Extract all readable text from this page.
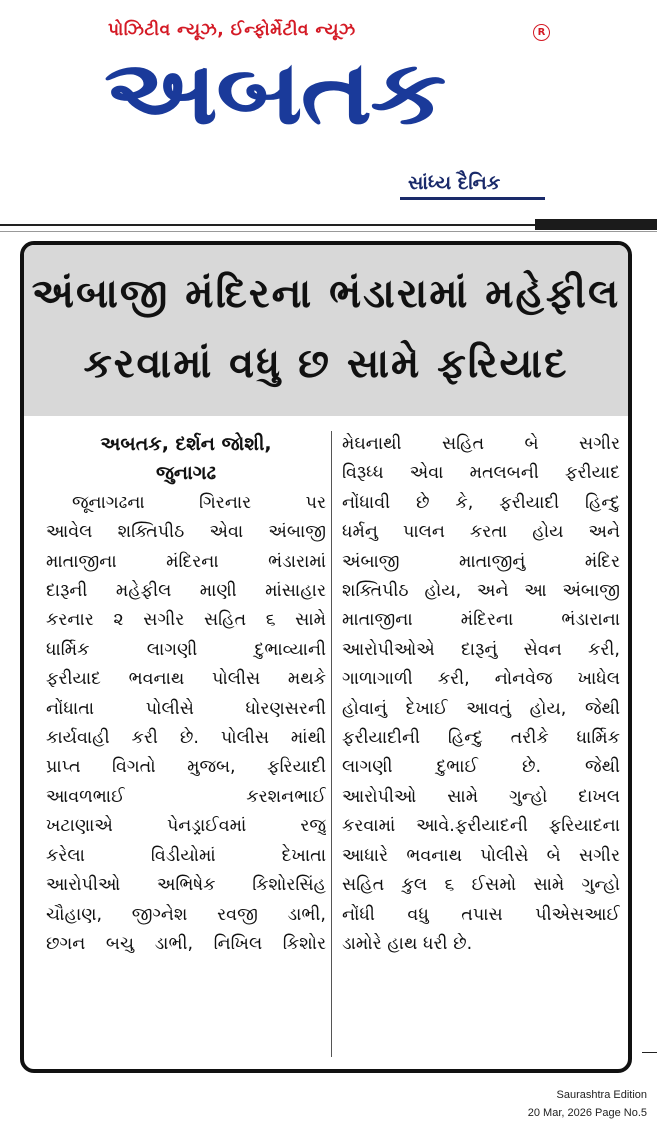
પોઝિટીવ ન્યૂઝ, ઈન્ફોર્મેટીવ ન્યૂઝ	R
અબતક
સાંધ્ય દૈનિક
અંબાજી મંદિરના ભંડારામાં મહેફીલ
કરવામાં વધુ છ સામે ફરિયાદ
અબતક, દર્શન જોશી,
જુનાગઢ
જૂનાગઢના ગિરનાર પર
આવેલ શક્તિપીઠ એવા અંબાજી
માતાજીના મંદિરના ભંડારામાં
દારૂની મહેફીલ માણી માંસાહાર
કરનાર ૨ સગીર સહિત ૬ સામે
ધાર્મિક લાગણી દુભાવ્યાની
ફરીયાદ ભવનાથ પોલીસ મથકે
નોંધાતા પોલીસે ધોરણસરની
કાર્યવાહી કરી છે. પોલીસ માંથી
પ્રાપ્ત વિગતો મુજબ, ફરિયાદી
આવળભાઈ કરશનભાઈ
ખટાણાએ પેનડ્રાઈવમાં રજુ
કરેલા વિડીયોમાં દેખાતા
આરોપીઓ અભિષેક કિશોરસિંહ
ચૌહાણ, જીગ્નેશ રવજી ડાભી,
છગન બચુ ડાભી, નિખિલ કિશોર
મેઘનાથી સહિત બે સગીર
વિરૂધ્ધ એવા મતલબની ફરીયાદ
નોંધાવી છે કે, ફરીયાદી હિન્દુ
ધર્મનુ પાલન કરતા હોય અને
અંબાજી માતાજીનું મંદિર
શક્તિપીઠ હોય, અને આ અંબાજી
માતાજીના મંદિરના ભંડારાના
આરોપીઓએ દારૂનું સેવન કરી,
ગાળાગાળી કરી, નોનવેજ ખાધેલ
હોવાનું દેખાઈ આવતું હોય, જેથી
ફરીયાદીની હિન્દુ તરીકે ધાર્મિક
લાગણી દુભાઈ છે. જેથી
આરોપીઓ સામે ગુન્હો દાખલ
કરવામાં આવે.ફરીયાદની ફરિયાદના
આધારે ભવનાથ પોલીસે બે સગીર
સહિત કુલ ૬ ઈસમો સામે ગુન્હો
નોંધી વધુ તપાસ પીએસઆઈ
ડામોરે હાથ ધરી છે.
Saurashtra Edition
20 Mar, 2026 Page No.5
